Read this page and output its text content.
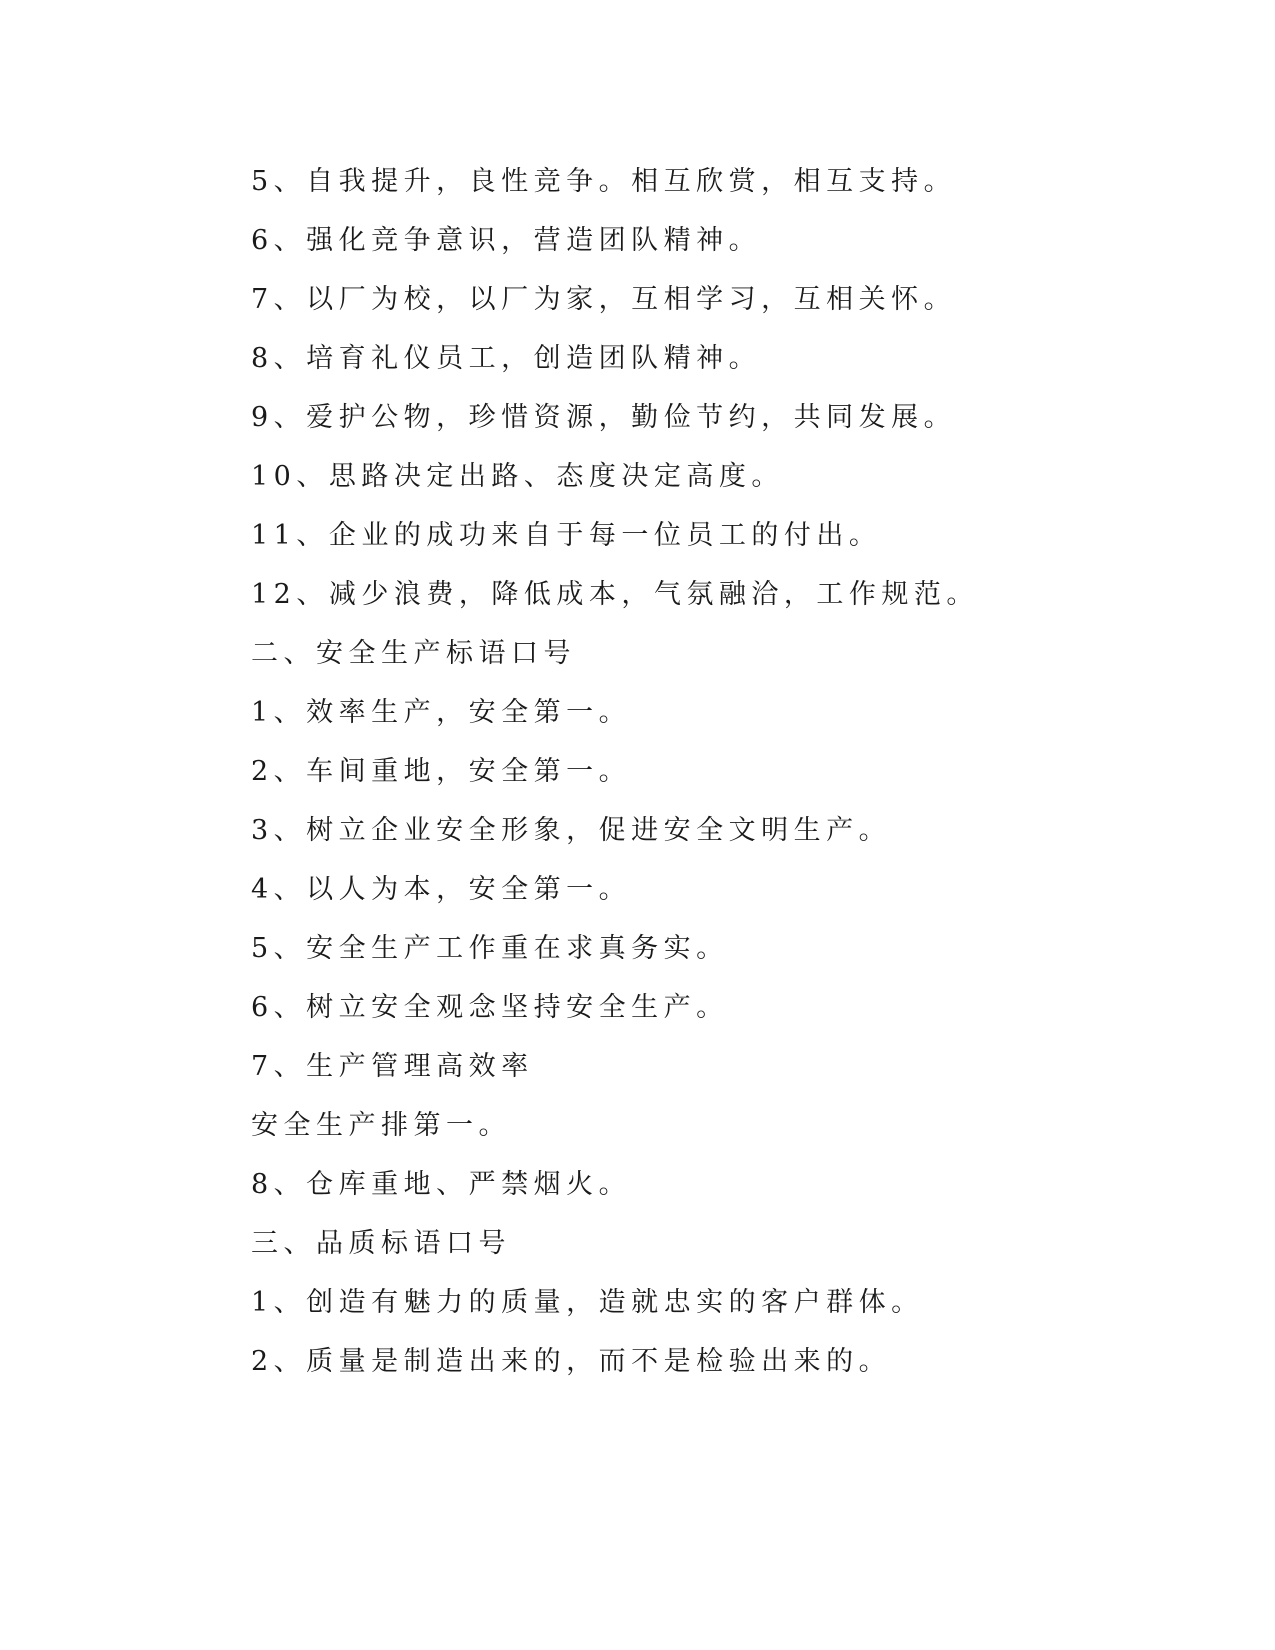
5、自我提升，良性竞争。相互欣赏，相互支持。
6、强化竞争意识，营造团队精神。
7、以厂为校，以厂为家，互相学习，互相关怀。
8、培育礼仪员工，创造团队精神。
9、爱护公物，珍惜资源，勤俭节约，共同发展。
10、思路决定出路、态度决定高度。
11、企业的成功来自于每一位员工的付出。
12、减少浪费，降低成本，气氛融洽，工作规范。
二、安全生产标语口号
1、效率生产，安全第一。
2、车间重地，安全第一。
3、树立企业安全形象，促进安全文明生产。
4、以人为本，安全第一。
5、安全生产工作重在求真务实。
6、树立安全观念坚持安全生产。
7、生产管理高效率
安全生产排第一。
8、仓库重地、严禁烟火。
三、品质标语口号
1、创造有魅力的质量，造就忠实的客户群体。
2、质量是制造出来的，而不是检验出来的。
